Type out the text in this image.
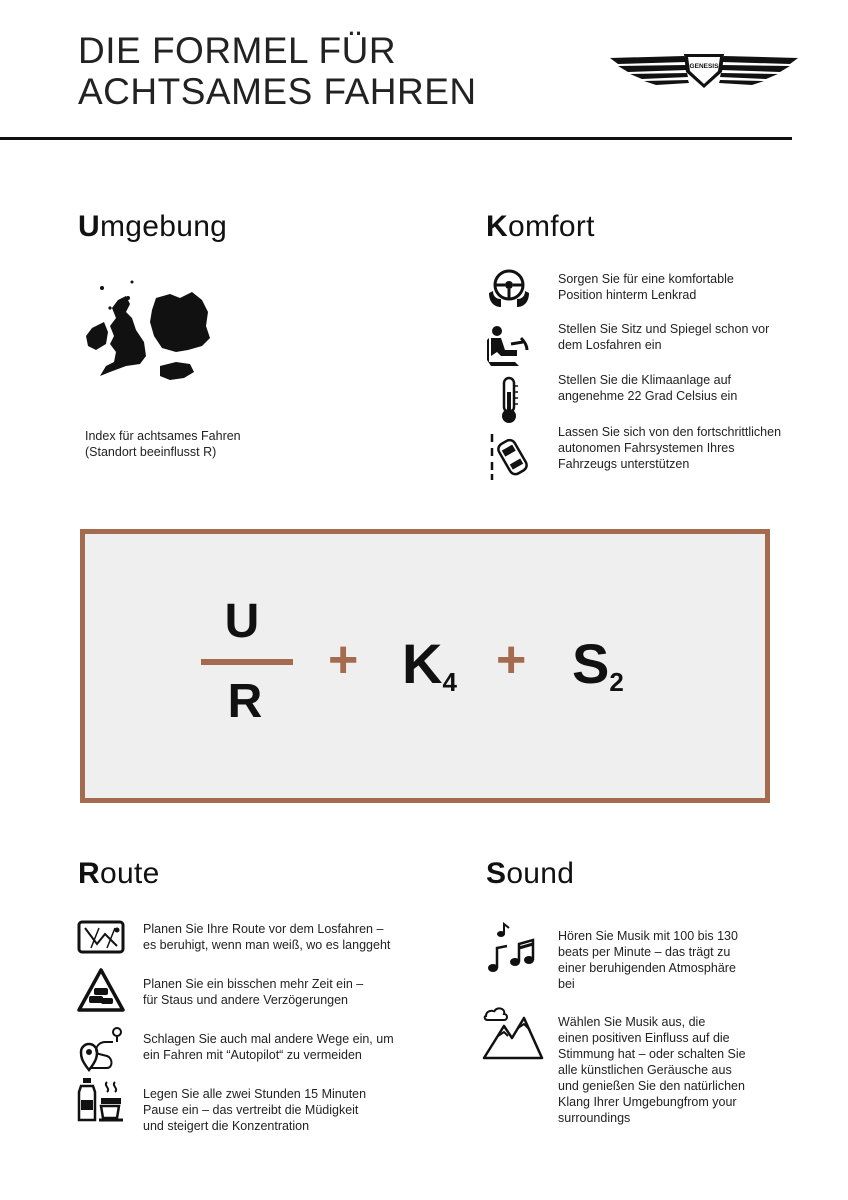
DIE FORMEL FÜR
ACHTSAMES FAHREN
GENESIS
Umgebung
Index für achtsames Fahren
(Standort beeinflusst R)
Komfort
Sorgen Sie für eine komfortable
Position hinterm Lenkrad
Stellen Sie Sitz und Spiegel schon vor
dem Losfahren ein
Stellen Sie die Klimaanlage auf
angenehme 22 Grad Celsius ein
Lassen Sie sich von den fortschrittlichen
autonomen Fahrsystemen Ihres
Fahrzeugs unterstützen
U
R
+ K4 + S2
Route
Planen Sie Ihre Route vor dem Losfahren –
es beruhigt, wenn man weiß, wo es langgeht
Planen Sie ein bisschen mehr Zeit ein –
für Staus und andere Verzögerungen
Schlagen Sie auch mal andere Wege ein, um
ein Fahren mit “Autopilot“ zu vermeiden
Legen Sie alle zwei Stunden 15 Minuten
Pause ein – das vertreibt die Müdigkeit
und steigert die Konzentration
Sound
Hören Sie Musik mit 100 bis 130
beats per Minute – das trägt zu
einer beruhigenden Atmosphäre
bei
Wählen Sie Musik aus, die
einen positiven Einfluss auf die
Stimmung hat – oder schalten Sie
alle künstlichen Geräusche aus
und genießen Sie den natürlichen
Klang Ihrer Umgebungfrom your
surroundings
